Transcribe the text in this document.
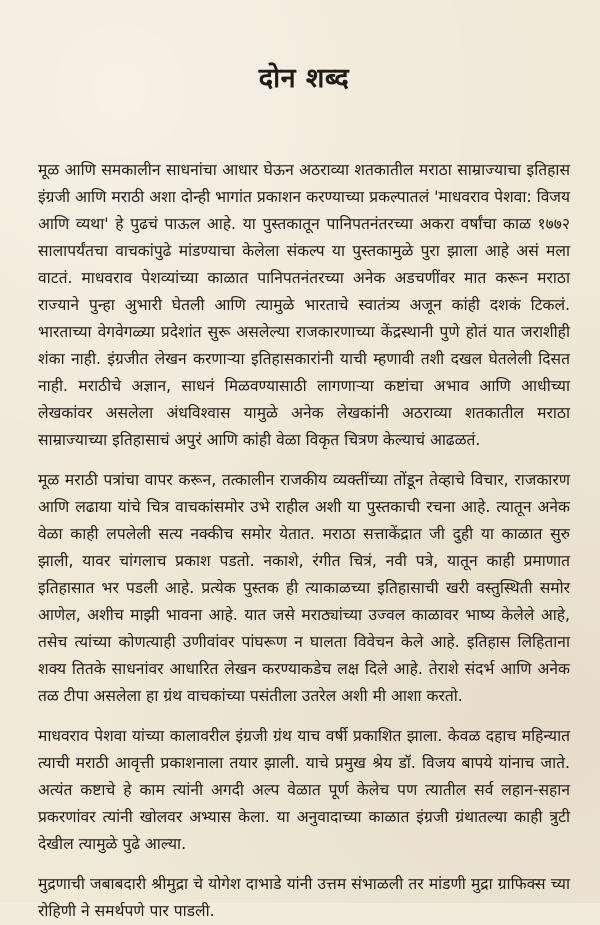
दोन शब्द
मूळ आणि समकालीन साधनांचा आधार घेऊन अठराव्या शतकातील मराठा साम्राज्याचा इतिहास इंग्रजी आणि मराठी अशा दोन्ही भागांत प्रकाशन करण्याच्या प्रकल्पातलं 'माधवराव पेशवा: विजय आणि व्यथा' हे पुढचं पाऊल आहे. या पुस्तकातून पानिपतनंतरच्या अकरा वर्षांचा काळ १७७२ सालापर्यंतचा वाचकांपुढे मांडण्याचा केलेला संकल्प या पुस्तकामुळे पुरा झाला आहे असं मला वाटतं. माधवराव पेशव्यांच्या काळात पानिपतनंतरच्या अनेक अडचणींवर मात करून मराठा राज्याने पुन्हा अुभारी घेतली आणि त्यामुळे भारताचे स्वातंत्र्य अजून कांही दशकं टिकलं. भारताच्या वेगवेगळ्या प्रदेशांत सुरू असलेल्या राजकारणाच्या केंद्रस्थानी पुणे होतं यात जराशीही शंका नाही. इंग्रजीत लेखन करणाऱ्या इतिहासकारांनी याची म्हणावी तशी दखल घेतलेली दिसत नाही. मराठीचे अज्ञान, साधनं मिळवण्यासाठी लागणाऱ्या कष्टांचा अभाव आणि आधीच्या लेखकांवर असलेला अंधविश्वास यामुळे अनेक लेखकांनी अठराव्या शतकातील मराठा साम्राज्याच्या इतिहासाचं अपुरं आणि कांही वेळा विकृत चित्रण केल्याचं आढळतं.
मूळ मराठी पत्रांचा वापर करून, तत्कालीन राजकीय व्यक्तींच्या तोंडून तेव्हाचे विचार, राजकारण आणि लढाया यांचे चित्र वाचकांसमोर उभे राहील अशी या पुस्तकाची रचना आहे. त्यातून अनेक वेळा काही लपलेली सत्य नक्कीच समोर येतात. मराठा सत्ताकेंद्रात जी दुही या काळात सुरु झाली, यावर चांगलाच प्रकाश पडतो. नकाशे, रंगीत चित्रं, नवी पत्रे, यातून काही प्रमाणात इतिहासात भर पडली आहे. प्रत्येक पुस्तक ही त्याकाळच्या इतिहासाची खरी वस्तुस्थिती समोर आणेल, अशीच माझी भावना आहे. यात जसे मराठ्यांच्या उज्वल काळावर भाष्य केलेले आहे, तसेच त्यांच्या कोणत्याही उणीवांवर पांघरूण न घालता विवेचन केले आहे. इतिहास लिहिताना शक्य तितके साधनांवर आधारित लेखन करण्याकडेच लक्ष दिले आहे. तेराशे संदर्भ आणि अनेक तळ टीपा असलेला हा ग्रंथ वाचकांच्या पसंतीला उतरेल अशी मी आशा करतो.
माधवराव पेशवा यांच्या कालावरील इंग्रजी ग्रंथ याच वर्षी प्रकाशित झाला. केवळ दहाच महिन्यात त्याची मराठी आवृत्ती प्रकाशनाला तयार झाली. याचे प्रमुख श्रेय डॉ. विजय बापये यांनाच जाते. अत्यंत कष्टाचे हे काम त्यांनी अगदी अल्प वेळात पूर्ण केलेच पण त्यातील सर्व लहान-सहान प्रकरणांवर त्यांनी खोलवर अभ्यास केला. या अनुवादाच्या काळात इंग्रजी ग्रंथातल्या काही त्रुटी देखील त्यामुळे पुढे आल्या.
मुद्रणाची जबाबदारी श्रीमुद्रा चे योगेश दाभाडे यांनी उत्तम संभाळली तर मांडणी मुद्रा ग्राफिक्स च्या रोहिणी ने समर्थपणे पार पाडली.
